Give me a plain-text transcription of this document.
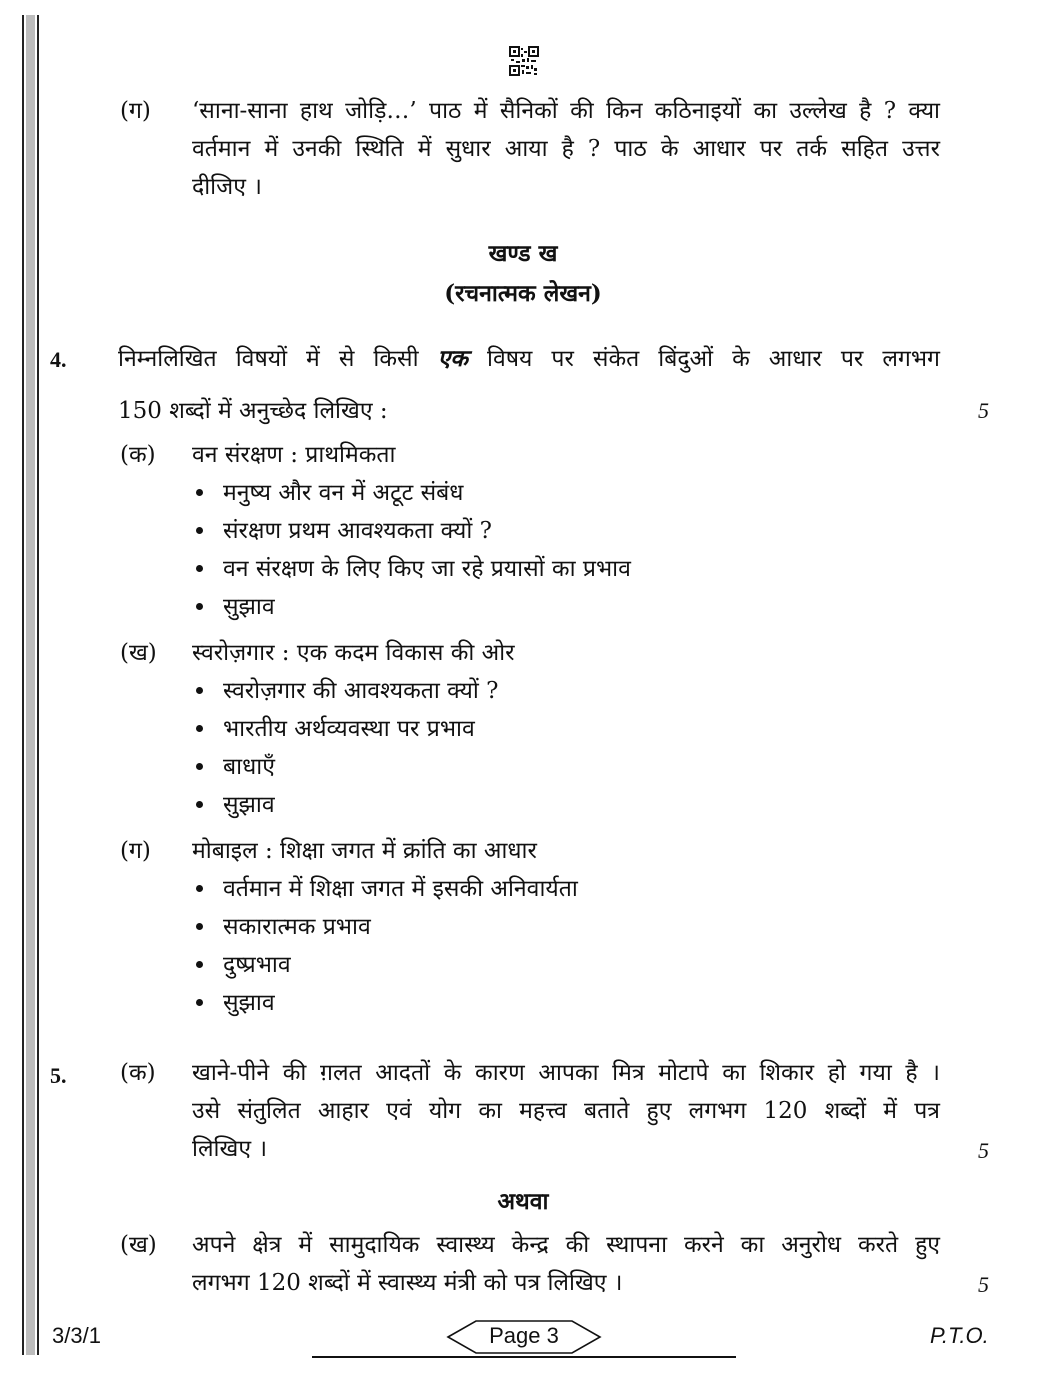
(ग) ‘साना-साना हाथ जोड़ि…’ पाठ में सैनिकों की किन कठिनाइयों का उल्लेख है ? क्या
वर्तमान में उनकी स्थिति में सुधार आया है ? पाठ के आधार पर तर्क सहित उत्तर
दीजिए ।
खण्ड ख
(रचनात्मक लेखन)
4. निम्नलिखित विषयों में से किसी एक विषय पर संकेत बिंदुओं के आधार पर लगभग
150 शब्दों में अनुच्छेद लिखिए :	5
(क) वन संरक्षण : प्राथमिकता
मनुष्य और वन में अटूट संबंध
संरक्षण प्रथम आवश्यकता क्यों ?
वन संरक्षण के लिए किए जा रहे प्रयासों का प्रभाव
सुझाव
(ख) स्वरोज़गार : एक कदम विकास की ओर
स्वरोज़गार की आवश्यकता क्यों ?
भारतीय अर्थव्यवस्था पर प्रभाव
बाधाएँ
सुझाव
(ग) मोबाइल : शिक्षा जगत में क्रांति का आधार
वर्तमान में शिक्षा जगत में इसकी अनिवार्यता
सकारात्मक प्रभाव
दुष्प्रभाव
सुझाव
5. (क) खाने-पीने की ग़लत आदतों के कारण आपका मित्र मोटापे का शिकार हो गया है ।
उसे संतुलित आहार एवं योग का महत्त्व बताते हुए लगभग 120 शब्दों में पत्र
लिखिए ।	5
अथवा
(ख) अपने क्षेत्र में सामुदायिक स्वास्थ्य केन्द्र की स्थापना करने का अनुरोध करते हुए
लगभग 120 शब्दों में स्वास्थ्य मंत्री को पत्र लिखिए ।	5
3/3/1	Page 3	P.T.O.
